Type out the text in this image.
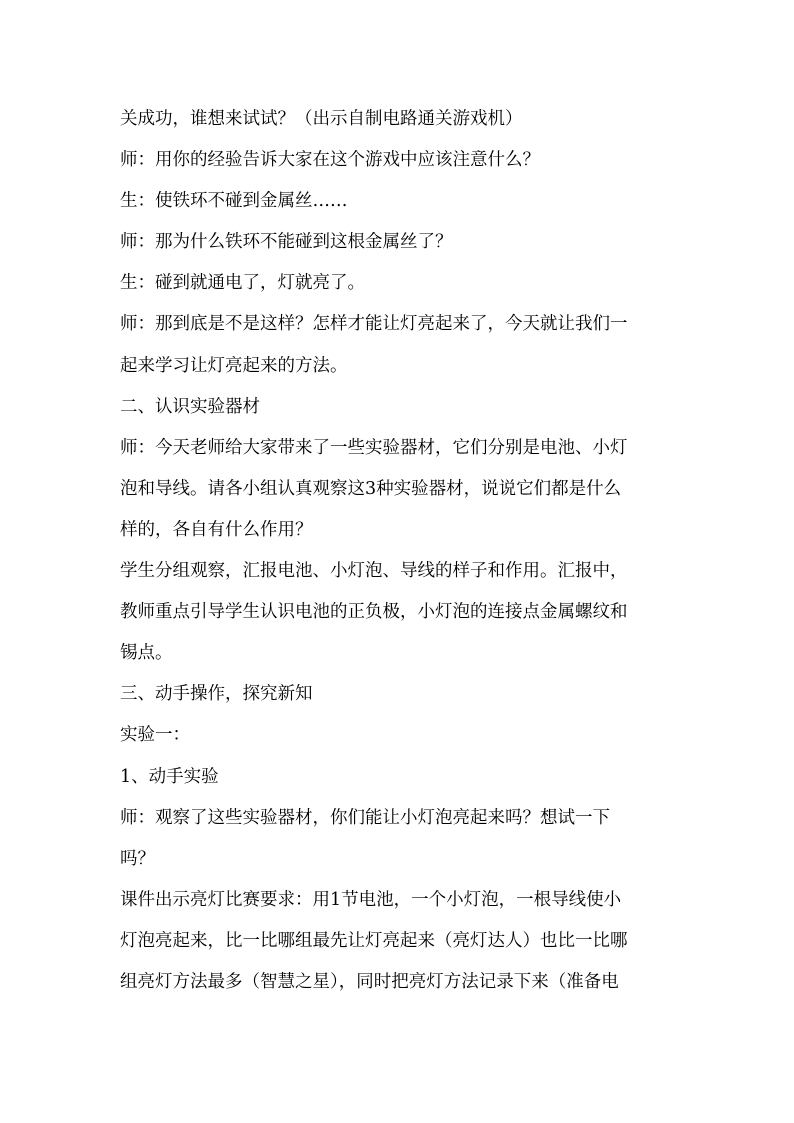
关成功，谁想来试试？（出示自制电路通关游戏机）
师：用你的经验告诉大家在这个游戏中应该注意什么？
生：使铁环不碰到金属丝……
师：那为什么铁环不能碰到这根金属丝了？
生：碰到就通电了，灯就亮了。
师：那到底是不是这样？怎样才能让灯亮起来了，今天就让我们一
起来学习让灯亮起来的方法。
二、认识实验器材
师：今天老师给大家带来了一些实验器材，它们分别是电池、小灯
泡和导线。请各小组认真观察这3种实验器材，说说它们都是什么
样的，各自有什么作用？
学生分组观察，汇报电池、小灯泡、导线的样子和作用。汇报中，
教师重点引导学生认识电池的正负极，小灯泡的连接点金属螺纹和
锡点。
三、动手操作，探究新知
实验一：
1、动手实验
师：观察了这些实验器材，你们能让小灯泡亮起来吗？想试一下
吗？
课件出示亮灯比赛要求：用1节电池，一个小灯泡，一根导线使小
灯泡亮起来，比一比哪组最先让灯亮起来（亮灯达人）也比一比哪
组亮灯方法最多（智慧之星），同时把亮灯方法记录下来（准备电
